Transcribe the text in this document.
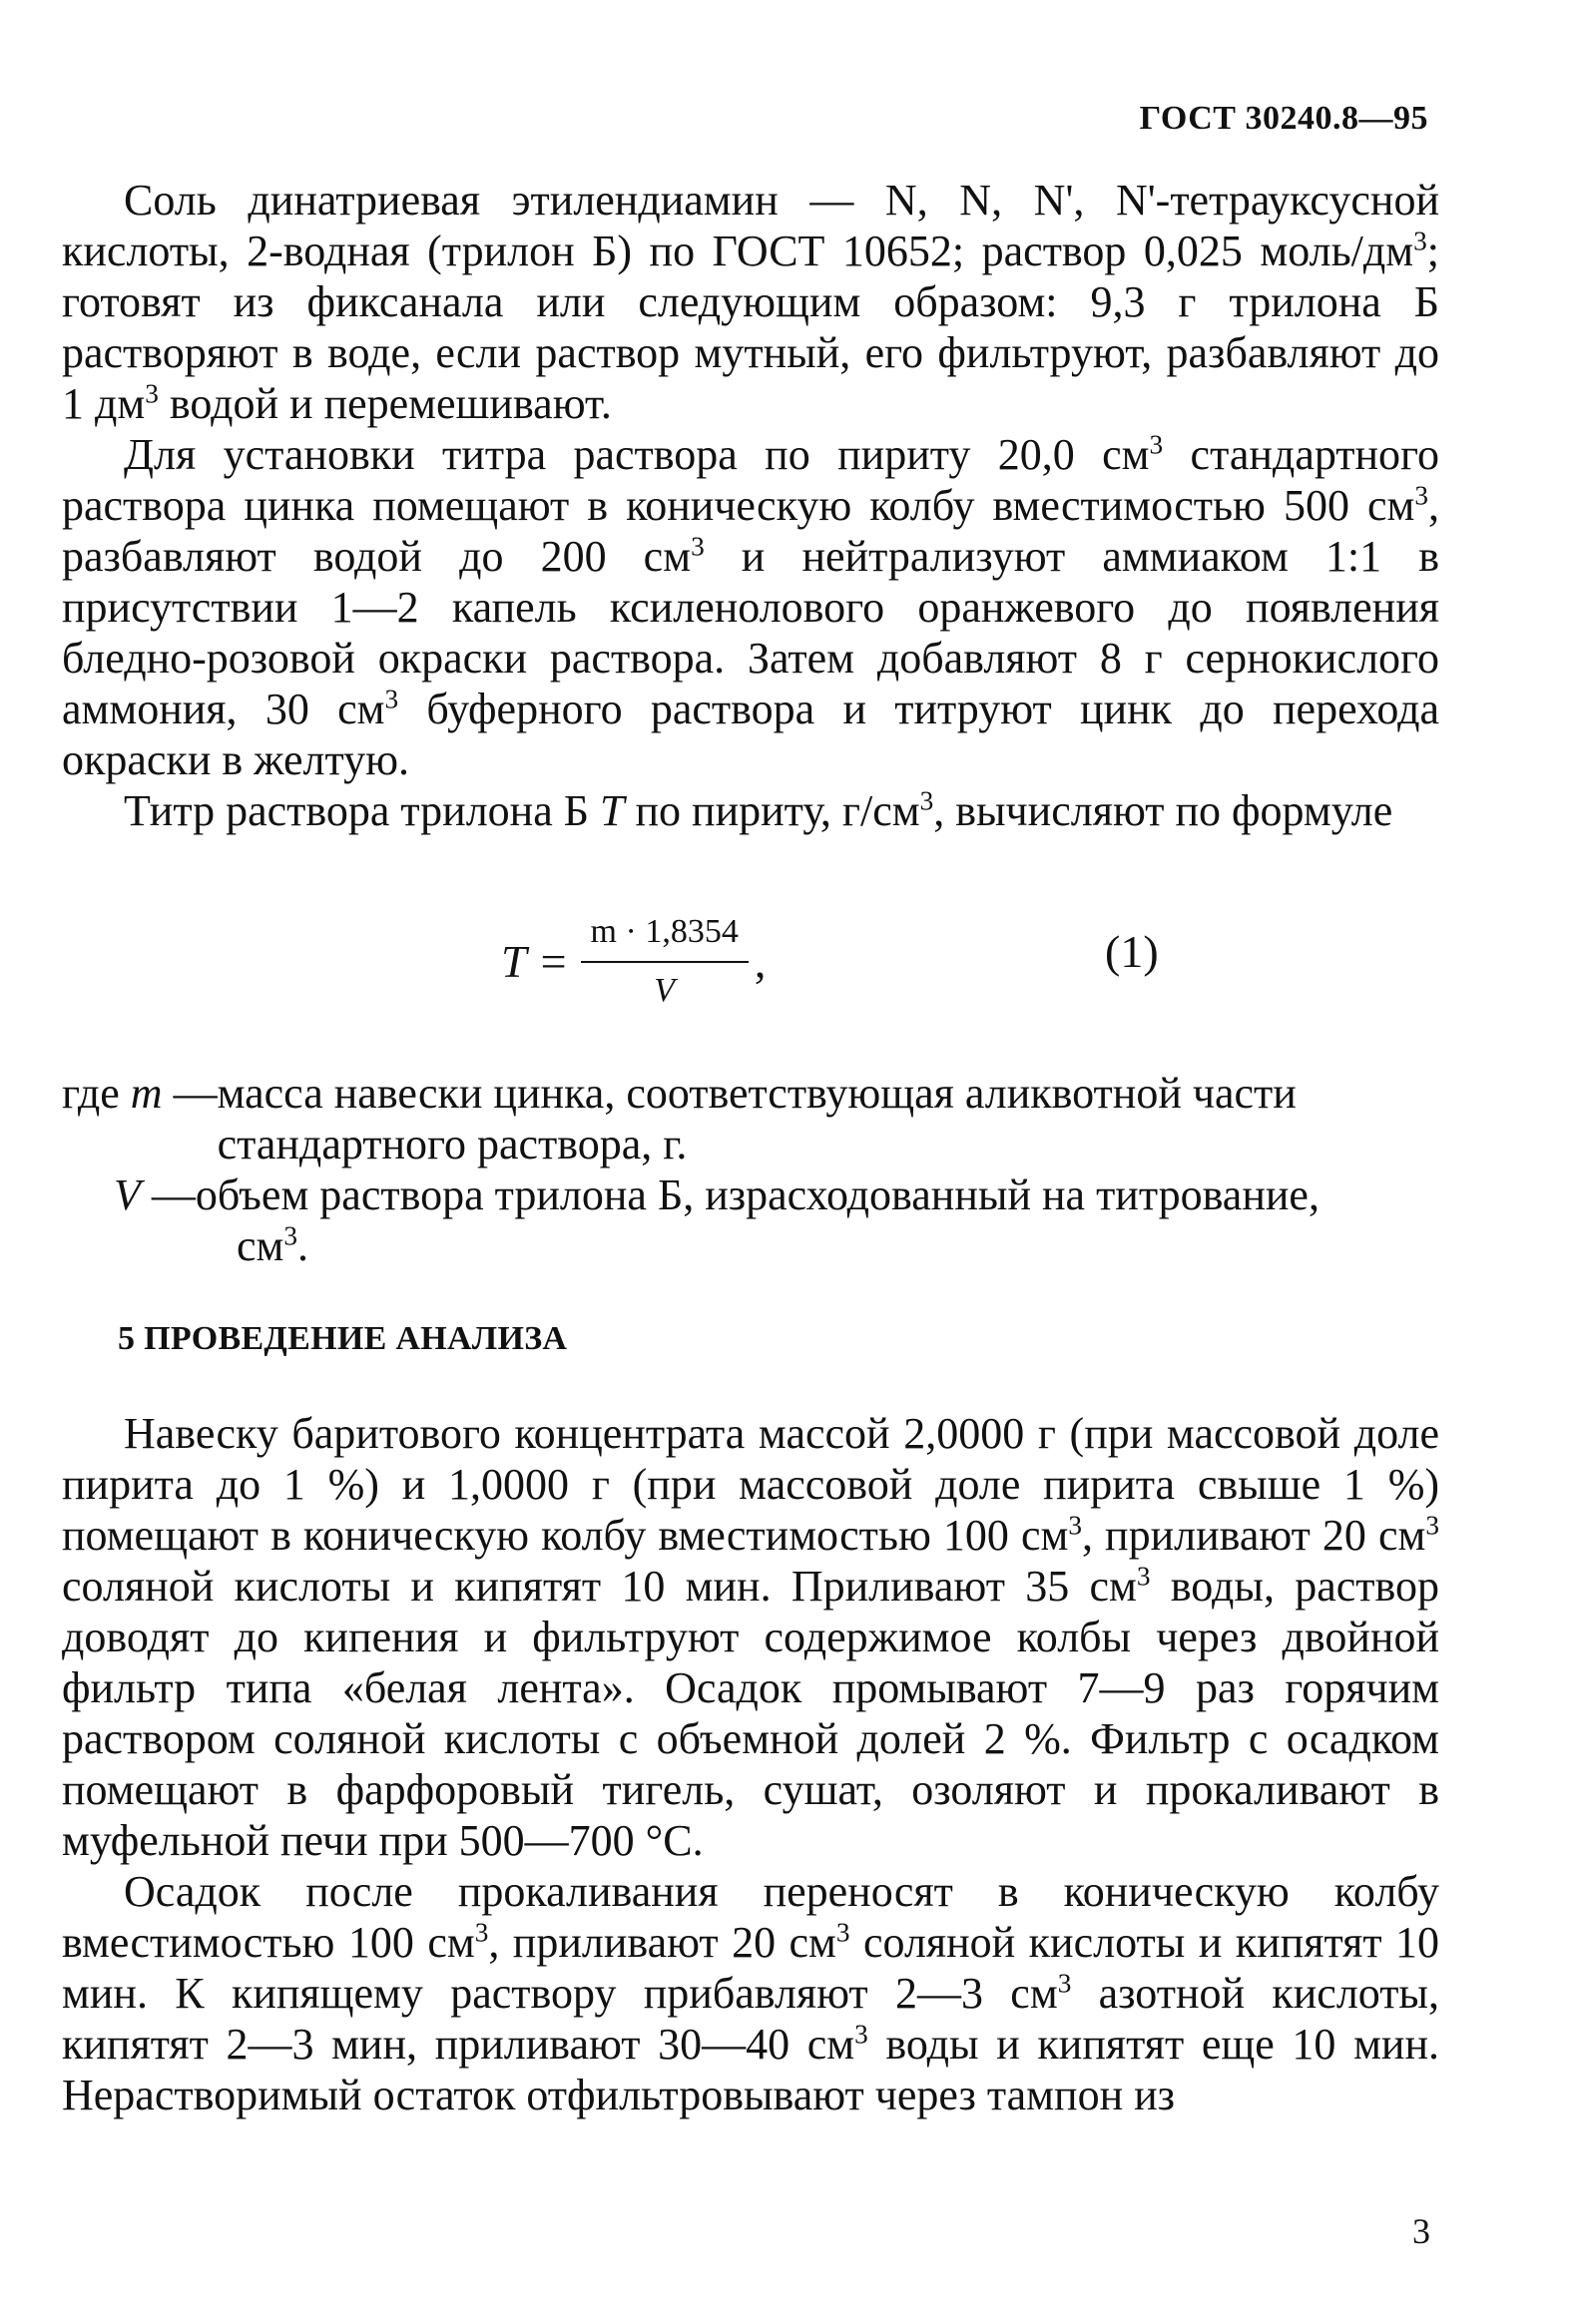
ГОСТ 30240.8—95

Соль динатриевая этилендиамин — N, N, N', N'-тетрауксусной кислоты, 2-водная (трилон Б) по ГОСТ 10652; раствор 0,025 моль/$дм^3$; готовят из фиксанала или следующим образом: 9,3 г трилона Б растворяют в воде, если раствор мутный, его фильтруют, разбавляют до 1 $дм^3$ водой и перемешивают.

Для установки титра раствора по пириту 20,0 $см^3$ стандартного раствора цинка помещают в коническую колбу вместимостью 500 $см^3$, разбавляют водой до 200 $см^3$ и нейтрализуют аммиаком 1:1 в присутствии 1—2 капель ксиленолового оранжевого до появления бледно-розовой окраски раствора. Затем добавляют 8 г сернокислого аммония, 30 $см^3$ буферного раствора и титруют цинк до перехода окраски в желтую.

Титр раствора трилона Б T по пириту, $г/см^3$, вычисляют по формуле

$T = \frac{m \cdot 1,8354}{V}$ ,	(1)
где m — масса навески цинка, соответствующая аликвотной части стандартного раствора, г.
V — объем раствора трилона Б, израсходованный на титрование,
$см^3$.
5 ПРОВЕДЕНИЕ АНАЛИЗА

Навеску баритового концентрата массой 2,0000 г (при массовой доле пирита до 1 %) и 1,0000 г (при массовой доле пирита свыше 1 %) помещают в коническую колбу вместимостью 100 $см^3$, приливают 20 $см^3$ соляной кислоты и кипятят 10 мин. Приливают 35 $см^3$ воды, раствор доводят до кипения и фильтруют содержимое колбы через двойной фильтр типа «белая лента». Осадок промывают 7—9 раз горячим раствором соляной кислоты с объемной долей 2 %. Фильтр с осадком помещают в фарфоровый тигель, сушат, озоляют и прокаливают в муфельной печи при 500—700 °С.

Осадок после прокаливания переносят в коническую колбу вместимостью 100 $см^3$, приливают 20 $см^3$ соляной кислоты и кипятят 10 мин. К кипящему раствору прибавляют 2—3 $см^3$ азотной кислоты, кипятят 2—3 мин, приливают 30—40 $см^3$ воды и кипятят еще 10 мин. Нерастворимый остаток отфильтровывают через тампон из

3
